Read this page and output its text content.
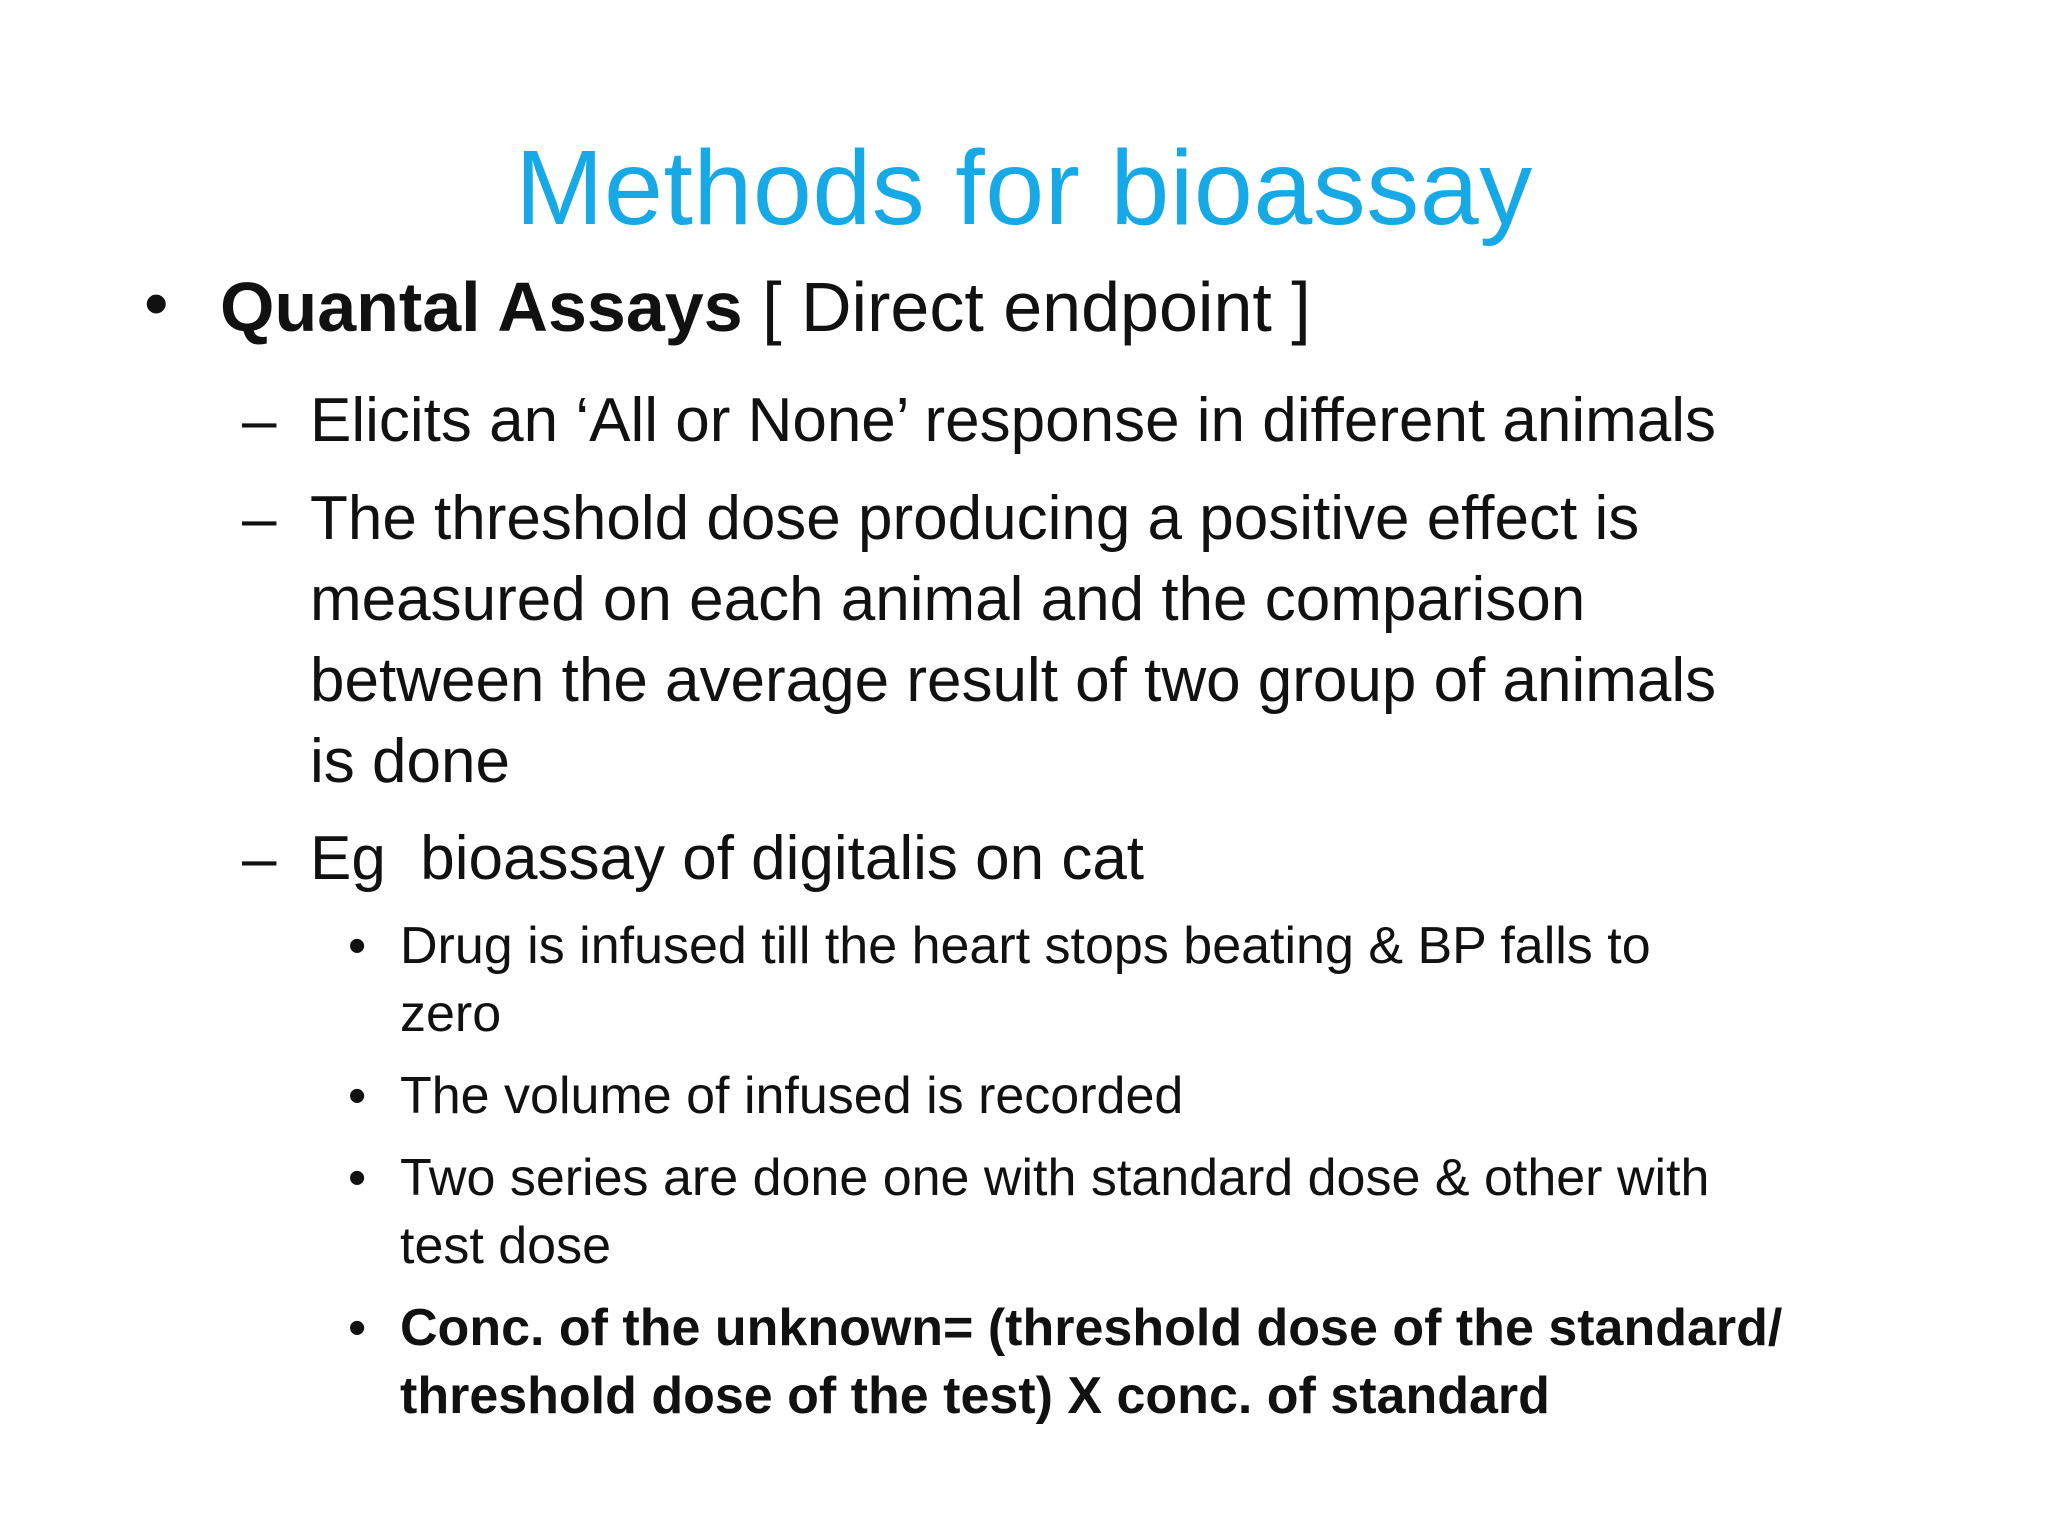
Methods for bioassay
• Quantal Assays [ Direct endpoint ]
– Elicits an ‘All or None’ response in different animals
– The threshold dose producing a positive effect is
measured on each animal and the comparison
between the average result of two group of animals
is done
– Eg  bioassay of digitalis on cat
• Drug is infused till the heart stops beating & BP falls to
zero
• The volume of infused is recorded
• Two series are done one with standard dose & other with
test dose
• Conc. of the unknown= (threshold dose of the standard/
threshold dose of the test) X conc. of standard
